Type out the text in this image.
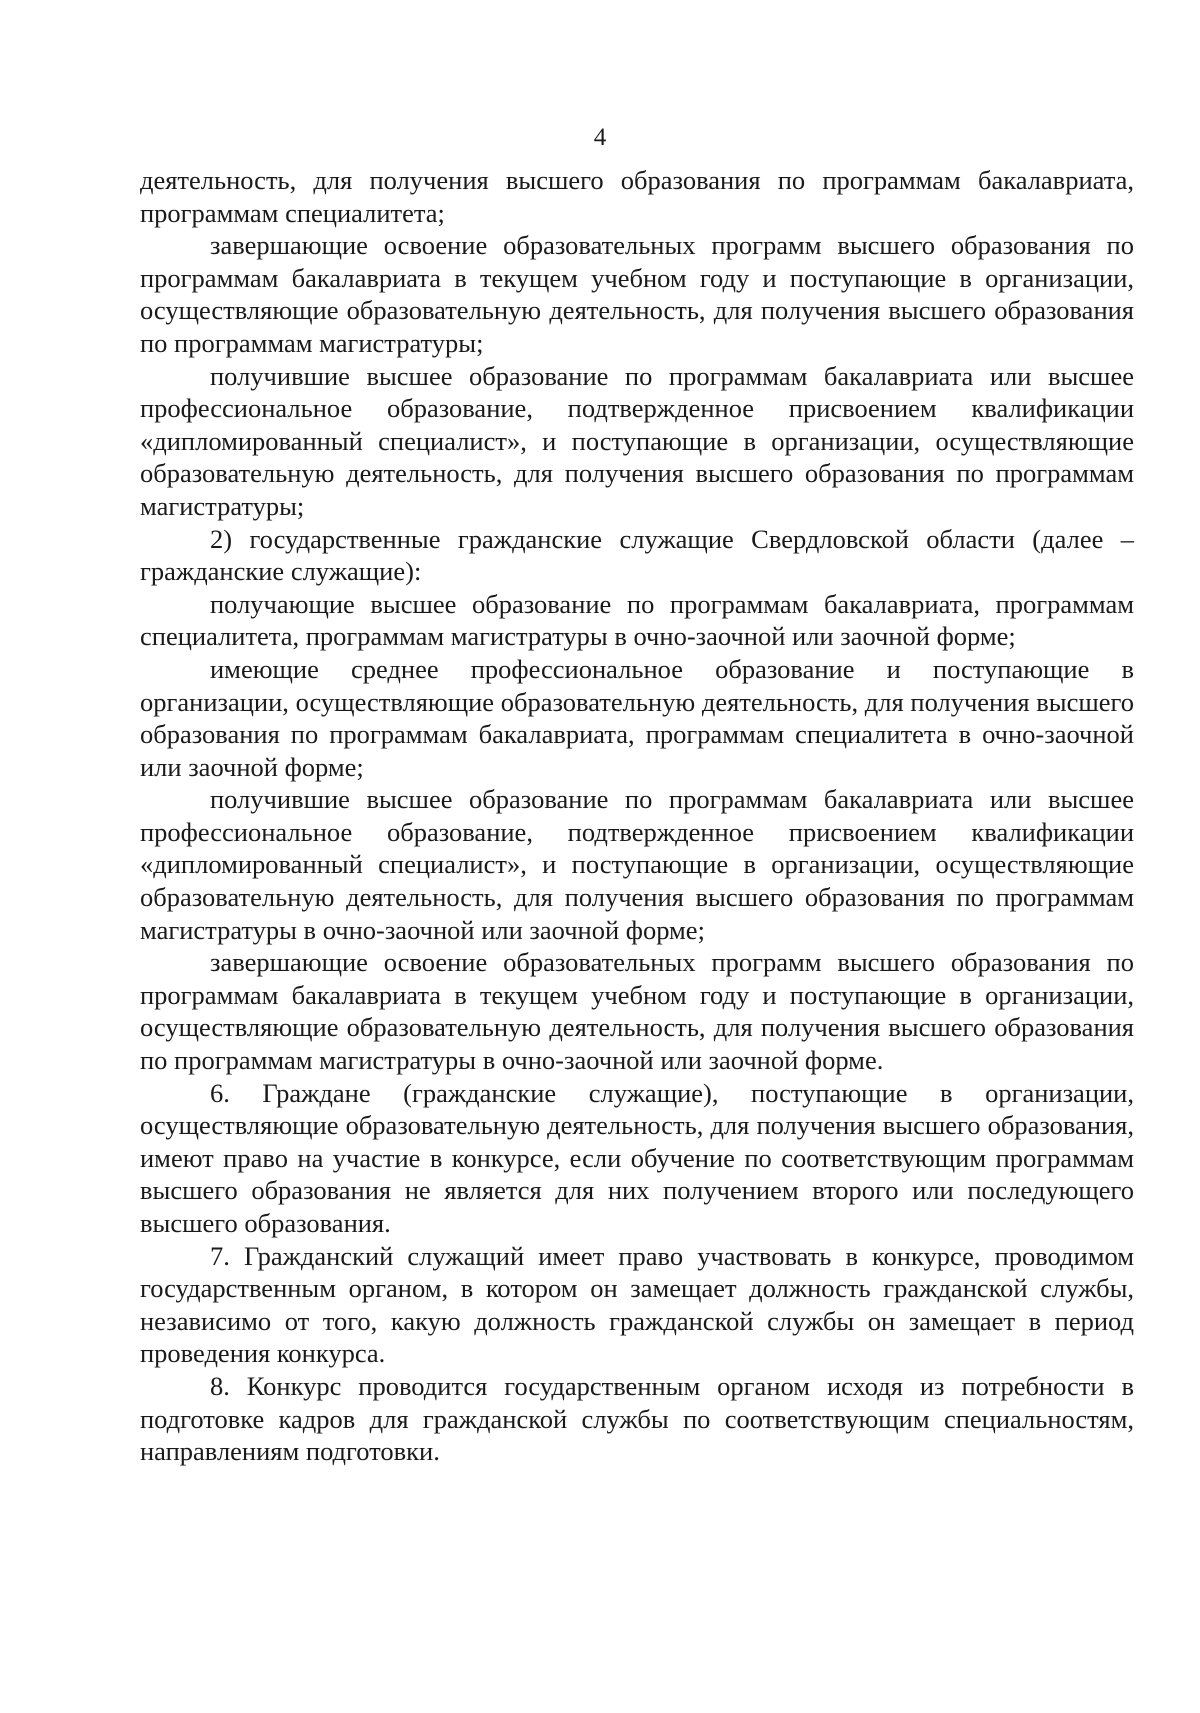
4

деятельность, для получения высшего образования по программам бакалавриата, программам специалитета;

завершающие освоение образовательных программ высшего образования по программам бакалавриата в текущем учебном году и поступающие в организации, осуществляющие образовательную деятельность, для получения высшего образования по программам магистратуры;

получившие высшее образование по программам бакалавриата или высшее профессиональное образование, подтвержденное присвоением квалификации «дипломированный специалист», и поступающие в организации, осуществляющие образовательную деятельность, для получения высшего образования по программам магистратуры;

2) государственные гражданские служащие Свердловской области (далее – гражданские служащие):

получающие высшее образование по программам бакалавриата, программам специалитета, программам магистратуры в очно-заочной или заочной форме;

имеющие среднее профессиональное образование и поступающие в организации, осуществляющие образовательную деятельность, для получения высшего образования по программам бакалавриата, программам специалитета в очно-заочной или заочной форме;

получившие высшее образование по программам бакалавриата или высшее профессиональное образование, подтвержденное присвоением квалификации «дипломированный специалист», и поступающие в организации, осуществляющие образовательную деятельность, для получения высшего образования по программам магистратуры в очно-заочной или заочной форме;

завершающие освоение образовательных программ высшего образования по программам бакалавриата в текущем учебном году и поступающие в организации, осуществляющие образовательную деятельность, для получения высшего образования по программам магистратуры в очно-заочной или заочной форме.

6. Граждане (гражданские служащие), поступающие в организации, осуществляющие образовательную деятельность, для получения высшего образования, имеют право на участие в конкурсе, если обучение по соответствующим программам высшего образования не является для них получением второго или последующего высшего образования.

7. Гражданский служащий имеет право участвовать в конкурсе, проводимом государственным органом, в котором он замещает должность гражданской службы, независимо от того, какую должность гражданской службы он замещает в период проведения конкурса.

8. Конкурс проводится государственным органом исходя из потребности в подготовке кадров для гражданской службы по соответствующим специальностям, направлениям подготовки.
